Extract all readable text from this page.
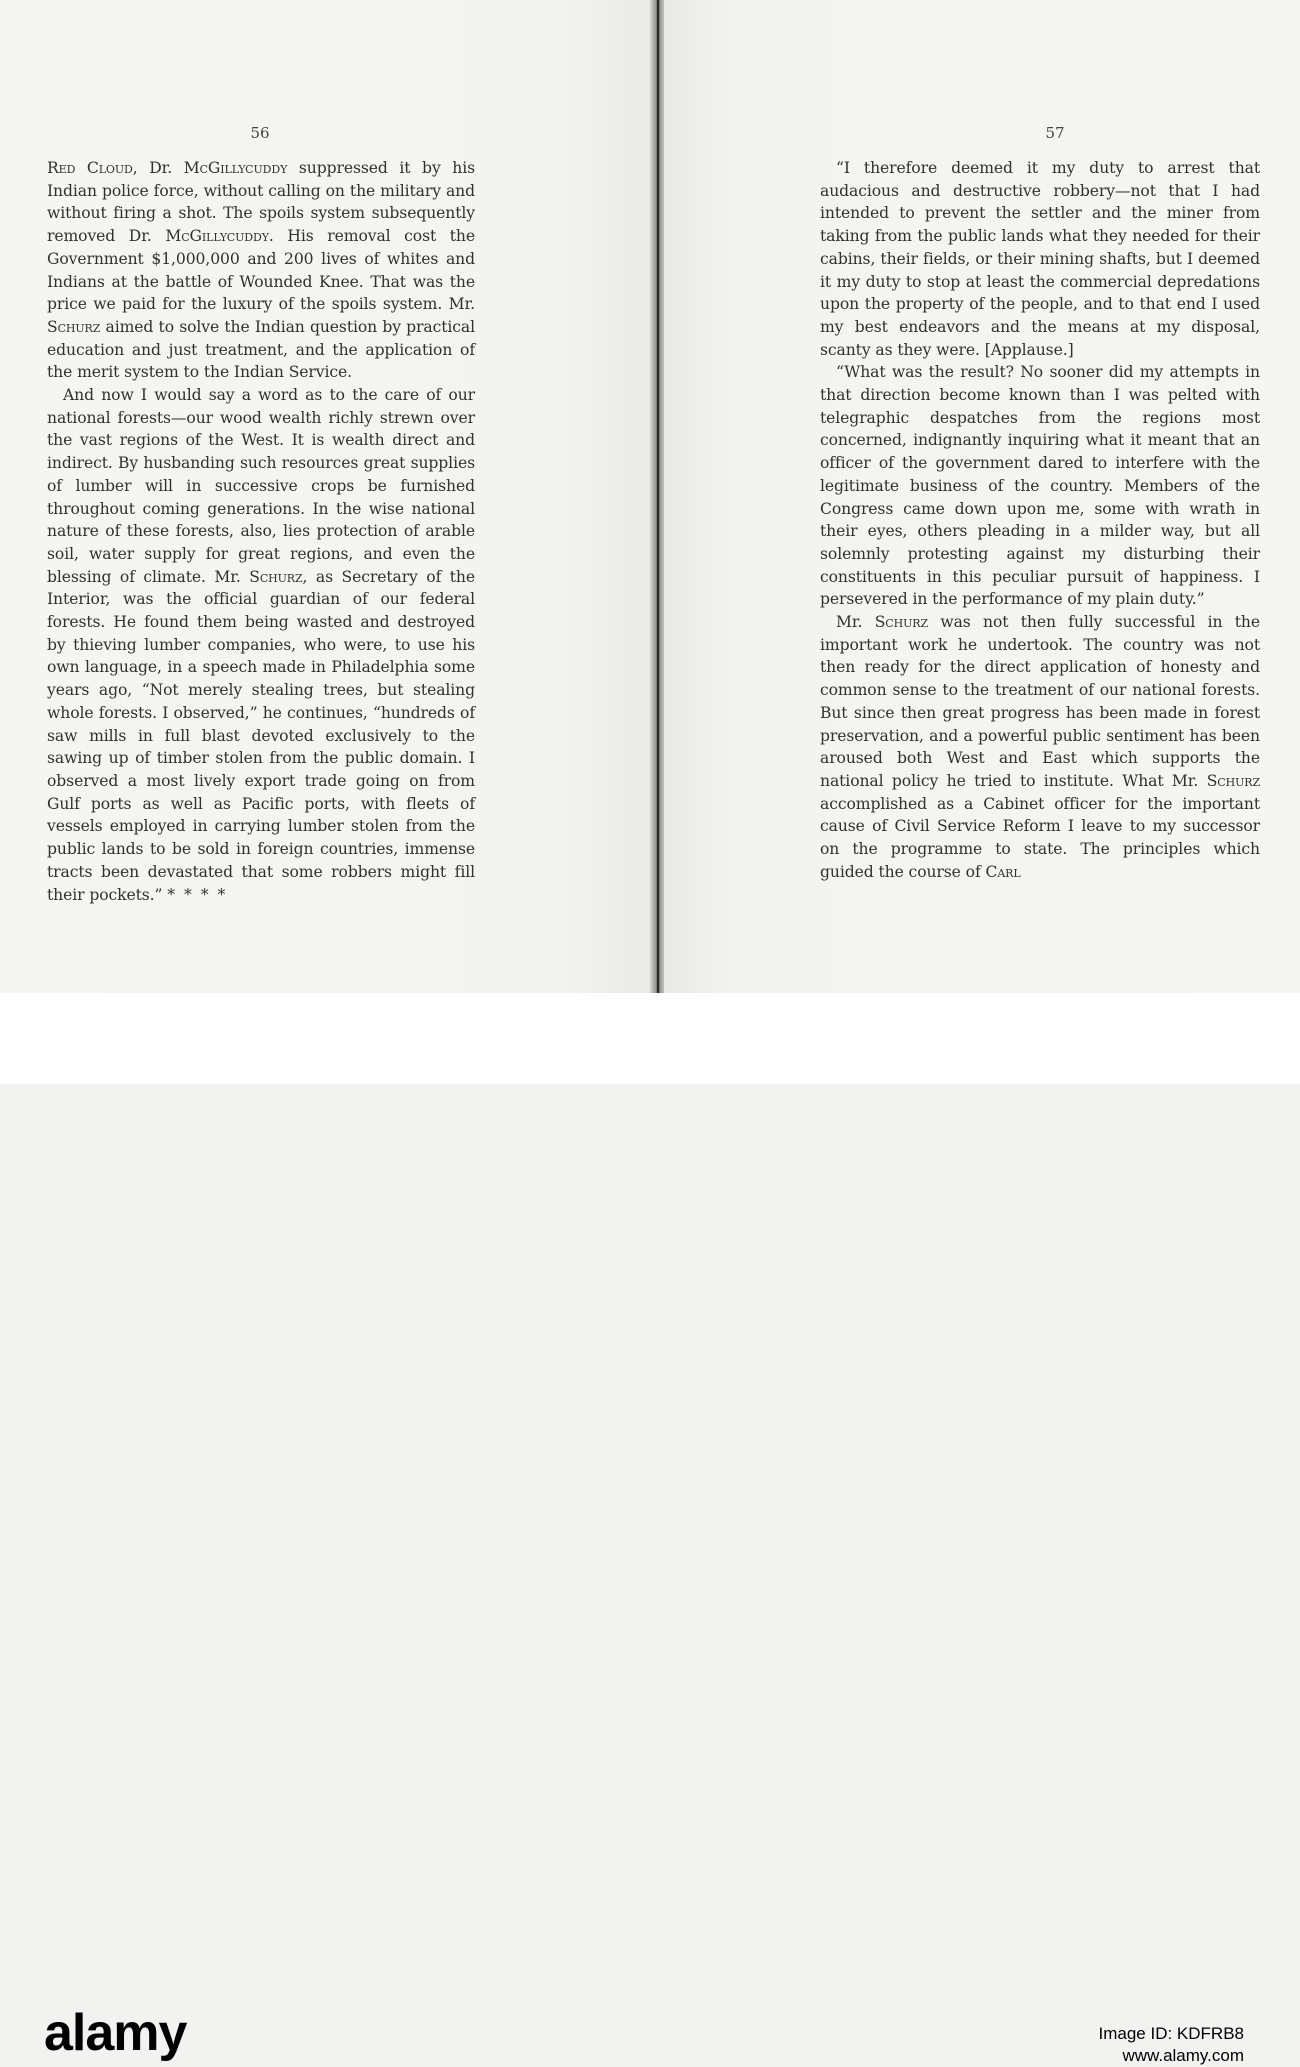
56

Red Cloud, Dr. McGillycuddy suppressed it by his Indian police force, without calling on the military and without firing a shot. The spoils system subsequently removed Dr. McGillycuddy. His removal cost the Government $1,000,000 and 200 lives of whites and Indians at the battle of Wounded Knee. That was the price we paid for the luxury of the spoils system. Mr. Schurz aimed to solve the Indian question by practical education and just treatment, and the application of the merit system to the Indian Service.

And now I would say a word as to the care of our national forests—our wood wealth richly strewn over the vast regions of the West. It is wealth direct and indirect. By husbanding such resources great supplies of lumber will in successive crops be furnished throughout coming generations. In the wise national nature of these forests, also, lies protection of arable soil, water supply for great regions, and even the blessing of climate. Mr. Schurz, as Secretary of the Interior, was the official guardian of our federal forests. He found them being wasted and destroyed by thieving lumber companies, who were, to use his own language, in a speech made in Philadelphia some years ago, “Not merely stealing trees, but stealing whole forests. I observed,” he continues, “hundreds of saw mills in full blast devoted exclusively to the sawing up of timber stolen from the public domain. I observed a most lively export trade going on from Gulf ports as well as Pacific ports, with fleets of vessels employed in carrying lumber stolen from the public lands to be sold in foreign countries, immense tracts been devastated that some robbers might fill their pockets.” * * * *

57

“I therefore deemed it my duty to arrest that audacious and destructive robbery—not that I had intended to prevent the settler and the miner from taking from the public lands what they needed for their cabins, their fields, or their mining shafts, but I deemed it my duty to stop at least the commercial depredations upon the property of the people, and to that end I used my best endeavors and the means at my disposal, scanty as they were. [Applause.]

“What was the result? No sooner did my attempts in that direction become known than I was pelted with telegraphic despatches from the regions most concerned, indignantly inquiring what it meant that an officer of the government dared to interfere with the legitimate business of the country. Members of the Congress came down upon me, some with wrath in their eyes, others pleading in a milder way, but all solemnly protesting against my disturbing their constituents in this peculiar pursuit of happiness. I persevered in the performance of my plain duty.”

Mr. Schurz was not then fully successful in the important work he undertook. The country was not then ready for the direct application of honesty and common sense to the treatment of our national forests. But since then great progress has been made in forest preservation, and a powerful public sentiment has been aroused both West and East which supports the national policy he tried to institute. What Mr. Schurz accomplished as a Cabinet officer for the important cause of Civil Service Reform I leave to my successor on the programme to state. The principles which guided the course of Carl

alamy	Image ID: KDFRB8
www.alamy.com
